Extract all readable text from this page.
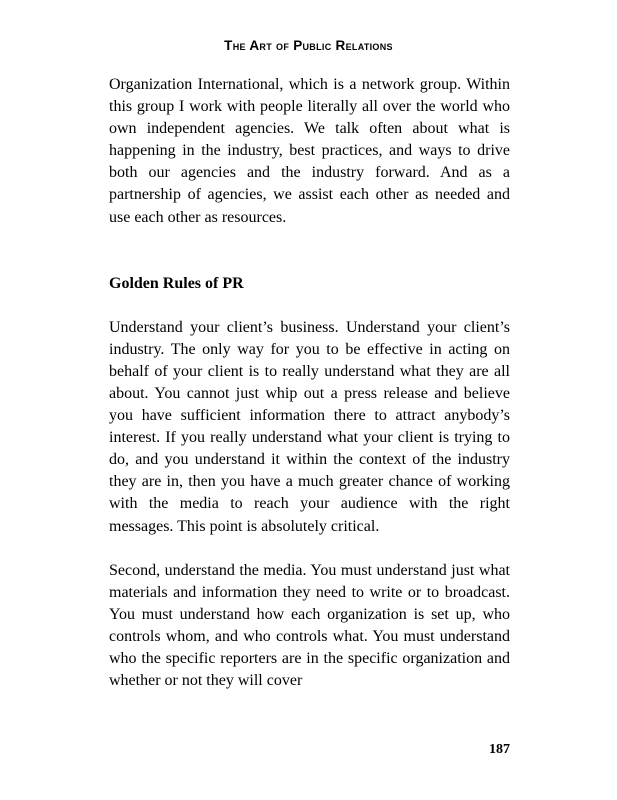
The Art of Public Relations

Organization International, which is a network group. Within this group I work with people literally all over the world who own independent agencies. We talk often about what is happening in the industry, best practices, and ways to drive both our agencies and the industry forward. And as a partnership of agencies, we assist each other as needed and use each other as resources.

Golden Rules of PR

Understand your client’s business. Understand your client’s industry. The only way for you to be effective in acting on behalf of your client is to really understand what they are all about. You cannot just whip out a press release and believe you have sufficient information there to attract anybody’s interest. If you really understand what your client is trying to do, and you understand it within the context of the industry they are in, then you have a much greater chance of working with the media to reach your audience with the right messages. This point is absolutely critical.

Second, understand the media. You must understand just what materials and information they need to write or to broadcast. You must understand how each organization is set up, who controls whom, and who controls what. You must understand who the specific reporters are in the specific organization and whether or not they will cover

187
